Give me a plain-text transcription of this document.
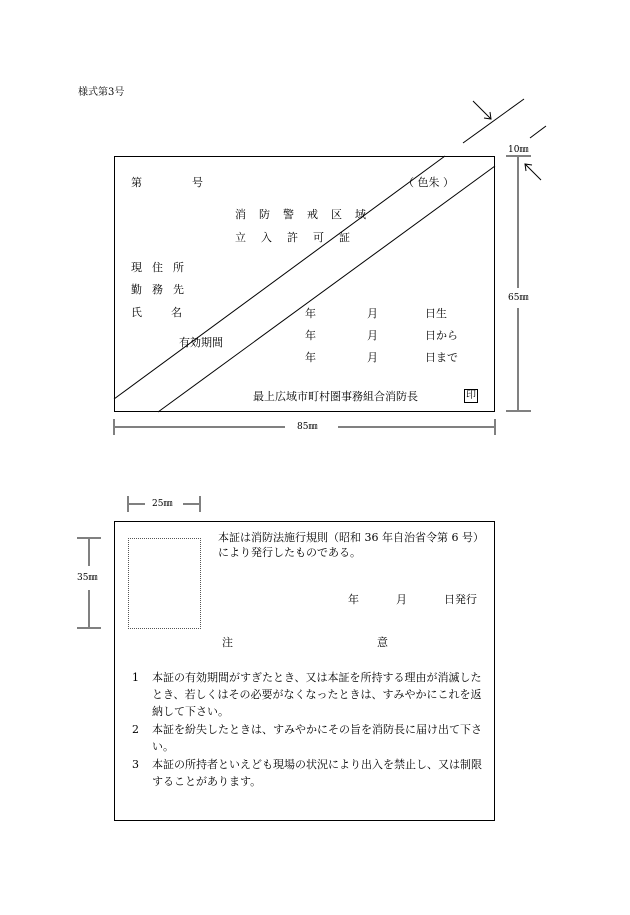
様式第3号
第	号
消防警戒区域
立入許可証
（ 色朱 ）
現住所
勤務先
氏　名
有効期間
年	月	日生
年	月	日から
年	月	日まで
最上広域市町村圏事務組合消防長	印
10㎜
65㎜
85㎜
25㎜
35㎜
本証は消防法施行規則（昭和 36 年自治省令第 6 号）
により発行したものである。
年	月	日発行
注	意
1 本証の有効期間がすぎたとき、又は本証を所持する理由が消滅したとき、若しくはその必要がなくなったときは、すみやかにこれを返納して下さい。
2 本証を紛失したときは、すみやかにその旨を消防長に届け出て下さい。
3 本証の所持者といえども現場の状況により出入を禁止し、又は制限することがあります。
